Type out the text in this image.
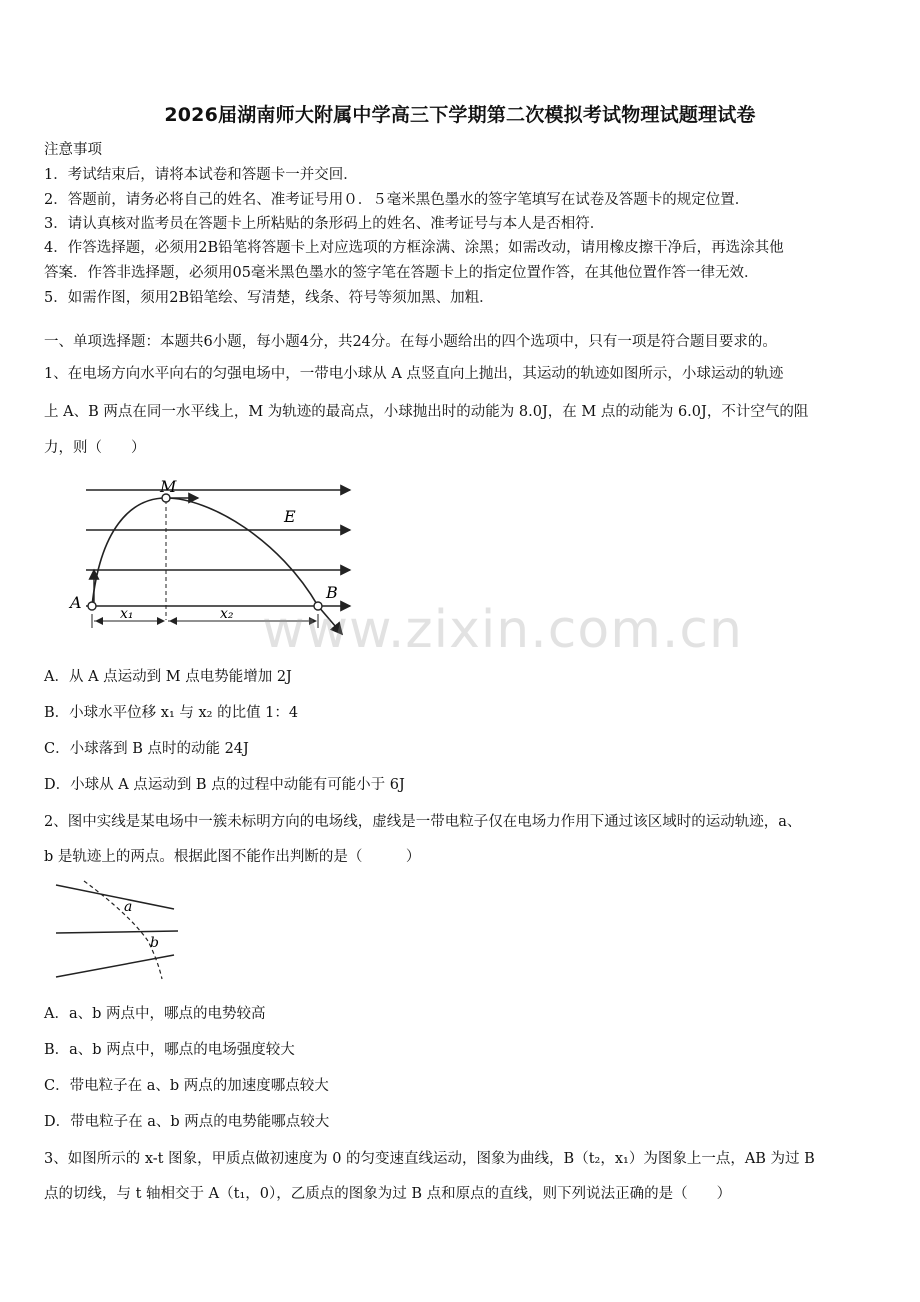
2026届湖南师大附属中学高三下学期第二次模拟考试物理试题理试卷
注意事项
1．考试结束后，请将本试卷和答题卡一并交回．
2．答题前，请务必将自己的姓名、准考证号用０．５毫米黑色墨水的签字笔填写在试卷及答题卡的规定位置．
3．请认真核对监考员在答题卡上所粘贴的条形码上的姓名、准考证号与本人是否相符．
4．作答选择题，必须用2B铅笔将答题卡上对应选项的方框涂满、涂黑；如需改动，请用橡皮擦干净后，再选涂其他
答案．作答非选择题，必须用05毫米黑色墨水的签字笔在答题卡上的指定位置作答，在其他位置作答一律无效．
5．如需作图，须用2B铅笔绘、写清楚，线条、符号等须加黑、加粗．
一、单项选择题：本题共6小题，每小题4分，共24分。在每小题给出的四个选项中，只有一项是符合题目要求的。
1、在电场方向水平向右的匀强电场中，一带电小球从 A 点竖直向上抛出，其运动的轨迹如图所示，小球运动的轨迹
上 A、B 两点在同一水平线上，M 为轨迹的最高点，小球抛出时的动能为 8.0J，在 M 点的动能为 6.0J，不计空气的阻
力，则（　　）
M
E
A
B
x₁	x₂
A．从 A 点运动到 M 点电势能增加 2J
B．小球水平位移 x₁ 与 x₂ 的比值 1：4
C．小球落到 B 点时的动能 24J
D．小球从 A 点运动到 B 点的过程中动能有可能小于 6J
www.zixin.com.cn
2、图中实线是某电场中一簇未标明方向的电场线，虚线是一带电粒子仅在电场力作用下通过该区域时的运动轨迹，a、
b 是轨迹上的两点。根据此图不能作出判断的是（　　　）
a
b
A．a、b 两点中，哪点的电势较高
B．a、b 两点中，哪点的电场强度较大
C．带电粒子在 a、b 两点的加速度哪点较大
D．带电粒子在 a、b 两点的电势能哪点较大
3、如图所示的 x-t 图象，甲质点做初速度为 0 的匀变速直线运动，图象为曲线，B（t₂，x₁）为图象上一点，AB 为过 B
点的切线，与 t 轴相交于 A（t₁，0），乙质点的图象为过 B 点和原点的直线，则下列说法正确的是（　　）
